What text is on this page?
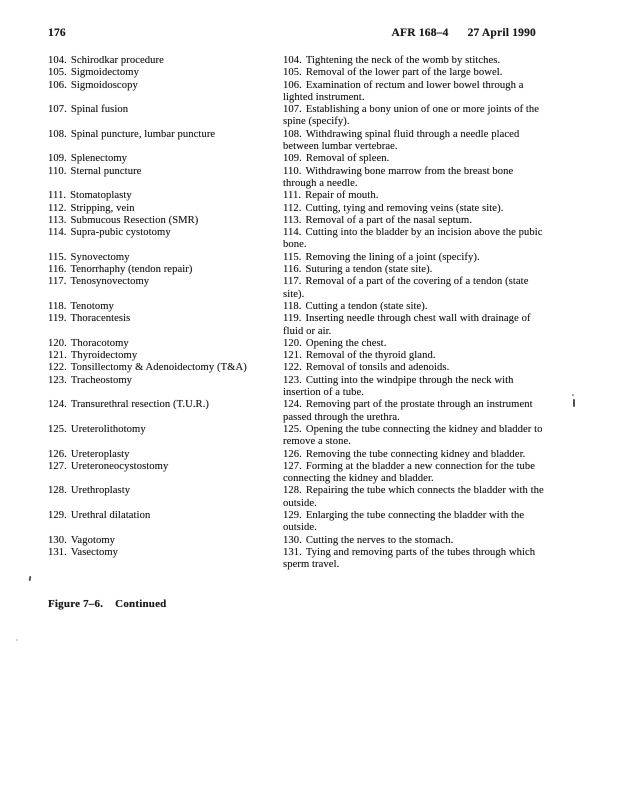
176	AFR 168–4 27 April 1990
104. Schirodkar procedure	104. Tightening the neck of the womb by stitches.
105. Sigmoidectomy	105. Removal of the lower part of the large bowel.
106. Sigmoidoscopy	106. Examination of rectum and lower bowel through a lighted instrument.
107. Spinal fusion	107. Establishing a bony union of one or more joints of the spine (specify).
108. Spinal puncture, lumbar puncture	108. Withdrawing spinal fluid through a needle placed between lumbar vertebrae.
109. Splenectomy	109. Removal of spleen.
110. Sternal puncture	110. Withdrawing bone marrow from the breast bone through a needle.
111. Stomatoplasty	111. Repair of mouth.
112. Stripping, vein	112. Cutting, tying and removing veins (state site).
113. Submucous Resection (SMR)	113. Removal of a part of the nasal septum.
114. Supra-pubic cystotomy	114. Cutting into the bladder by an incision above the pubic bone.
115. Synovectomy	115. Removing the lining of a joint (specify).
116. Tenorrhaphy (tendon repair)	116. Suturing a tendon (state site).
117. Tenosynovectomy	117. Removal of a part of the covering of a tendon (state site).
118. Tenotomy	118. Cutting a tendon (state site).
119. Thoracentesis	119. Inserting needle through chest wall with drainage of fluid or air.
120. Thoracotomy	120. Opening the chest.
121. Thyroidectomy	121. Removal of the thyroid gland.
122. Tonsillectomy & Adenoidectomy (T&A)	122. Removal of tonsils and adenoids.
123. Tracheostomy	123. Cutting into the windpipe through the neck with insertion of a tube.
124. Transurethral resection (T.U.R.)	124. Removing part of the prostate through an instrument passed through the urethra.
125. Ureterolithotomy	125. Opening the tube connecting the kidney and bladder to remove a stone.
126. Ureteroplasty	126. Removing the tube connecting kidney and bladder.
127. Ureteroneocystostomy	127. Forming at the bladder a new connection for the tube connecting the kidney and bladder.
128. Urethroplasty	128. Repairing the tube which connects the bladder with the outside.
129. Urethral dilatation	129. Enlarging the tube connecting the bladder with the outside.
130. Vagotomy	130. Cutting the nerves to the stomach.
131. Vasectomy	131. Tying and removing parts of the tubes through which sperm travel.
Figure 7–6. Continued
